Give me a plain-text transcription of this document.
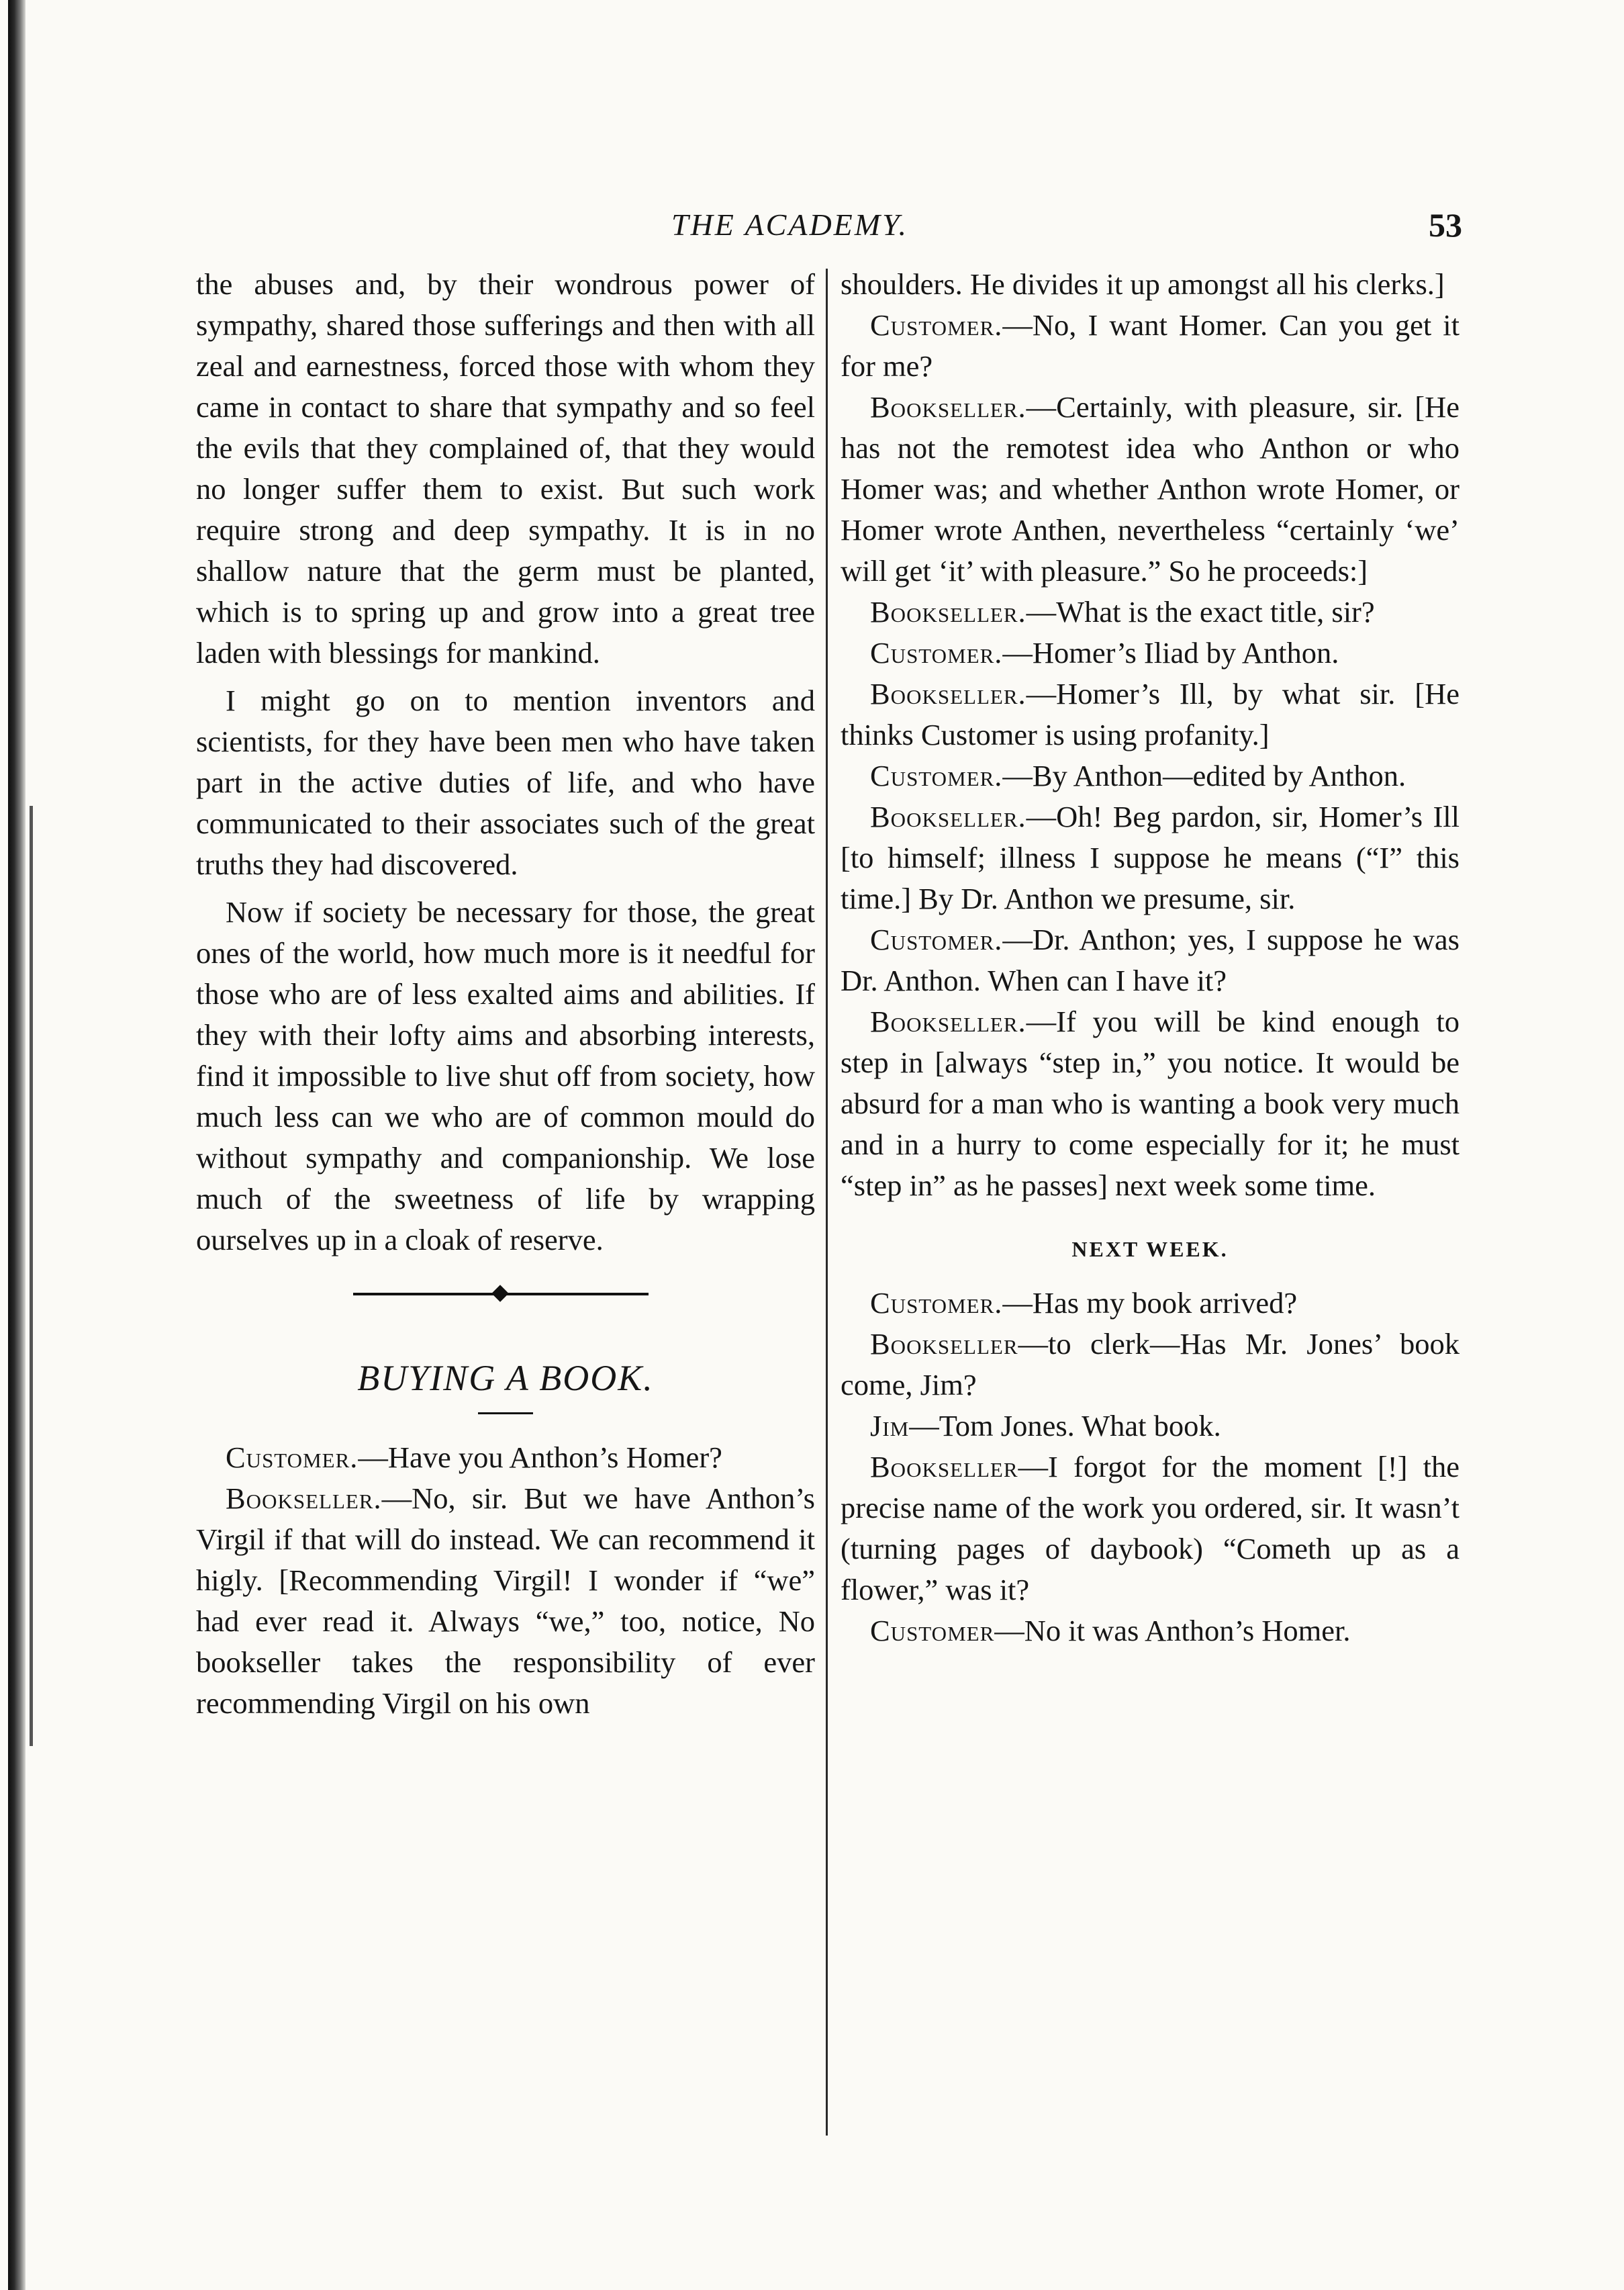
THE ACADEMY.	53

the abuses and, by their wondrous power of sympathy, shared those sufferings and then with all zeal and earnestness, forced those with whom they came in contact to share that sympathy and so feel the evils that they complained of, that they would no longer suffer them to exist. But such work require strong and deep sympathy. It is in no shallow nature that the germ must be planted, which is to spring up and grow into a great tree laden with blessings for mankind.

I might go on to mention inventors and scientists, for they have been men who have taken part in the active duties of life, and who have communicated to their associates such of the great truths they had discovered.

Now if society be necessary for those, the great ones of the world, how much more is it needful for those who are of less exalted aims and abilities. If they with their lofty aims and absorbing interests, find it impossible to live shut off from society, how much less can we who are of common mould do without sympathy and companionship. We lose much of the sweetness of life by wrapping ourselves up in a cloak of reserve.

BUYING A BOOK.

Customer.—Have you Anthon’s Homer?

Bookseller.—No, sir. But we have Anthon’s Virgil if that will do instead. We can recommend it higly. [Recommending Virgil! I wonder if “we” had ever read it. Always “we,” too, notice, No bookseller takes the responsibility of ever recommending Virgil on his own

shoulders. He divides it up amongst all his clerks.]

Customer.—No, I want Homer. Can you get it for me?

Bookseller.—Certainly, with pleasure, sir. [He has not the remotest idea who Anthon or who Homer was; and whether Anthon wrote Homer, or Homer wrote Anthen, nevertheless “certainly ‘we’ will get ‘it’ with pleasure.” So he proceeds:]

Bookseller.—What is the exact title, sir?

Customer.—Homer’s Iliad by Anthon.

Bookseller.—Homer’s Ill, by what sir. [He thinks Customer is using profanity.]

Customer.—By Anthon—edited by Anthon.

Bookseller.—Oh! Beg pardon, sir, Homer’s Ill [to himself; illness I suppose he means (“I” this time.] By Dr. Anthon we presume, sir.

Customer.—Dr. Anthon; yes, I suppose he was Dr. Anthon. When can I have it?

Bookseller.—If you will be kind enough to step in [always “step in,” you notice. It would be absurd for a man who is wanting a book very much and in a hurry to come especially for it; he must “step in” as he passes] next week some time.

NEXT WEEK.

Customer.—Has my book arrived?

Bookseller—to clerk—Has Mr. Jones’ book come, Jim?

Jim—Tom Jones. What book.

Bookseller—I forgot for the moment [!] the precise name of the work you ordered, sir. It wasn’t (turning pages of daybook) “Cometh up as a flower,” was it?

Customer—No it was Anthon’s Homer.
